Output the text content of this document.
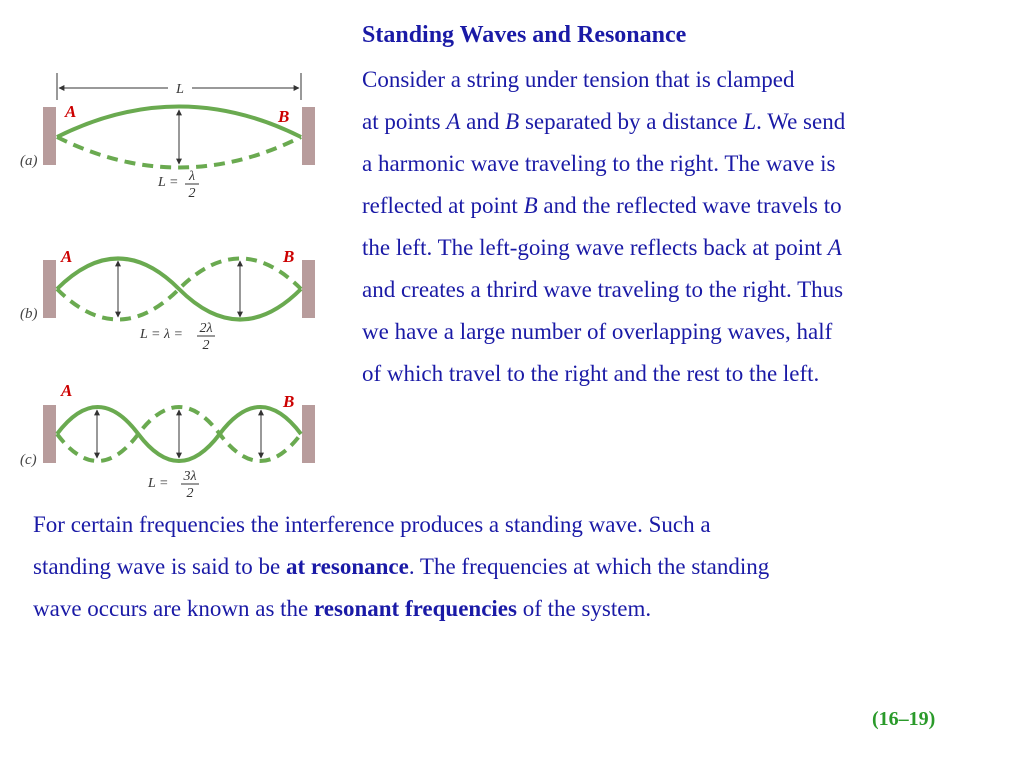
L
A	B
(a)
L = λ
2
A	B
(b)
L = λ = 2λ
2
A
B
(c)
L = 3λ
2
Standing Waves and Resonance
Consider a string under tension that is clamped
at points A and B separated by a distance L. We send
a harmonic wave traveling to the right. The wave is
reflected at point B and the reflected wave travels to
the left. The left-going wave reflects back at point A
and creates a thrird wave traveling to the right. Thus
we have a large number of overlapping waves, half
of which travel to the right and the rest to the left.
For certain frequencies the interference produces a standing wave. Such a
standing wave is said to be at resonance. The frequencies at which the standing
wave occurs are known as the resonant frequencies of the system.
(16–19)
